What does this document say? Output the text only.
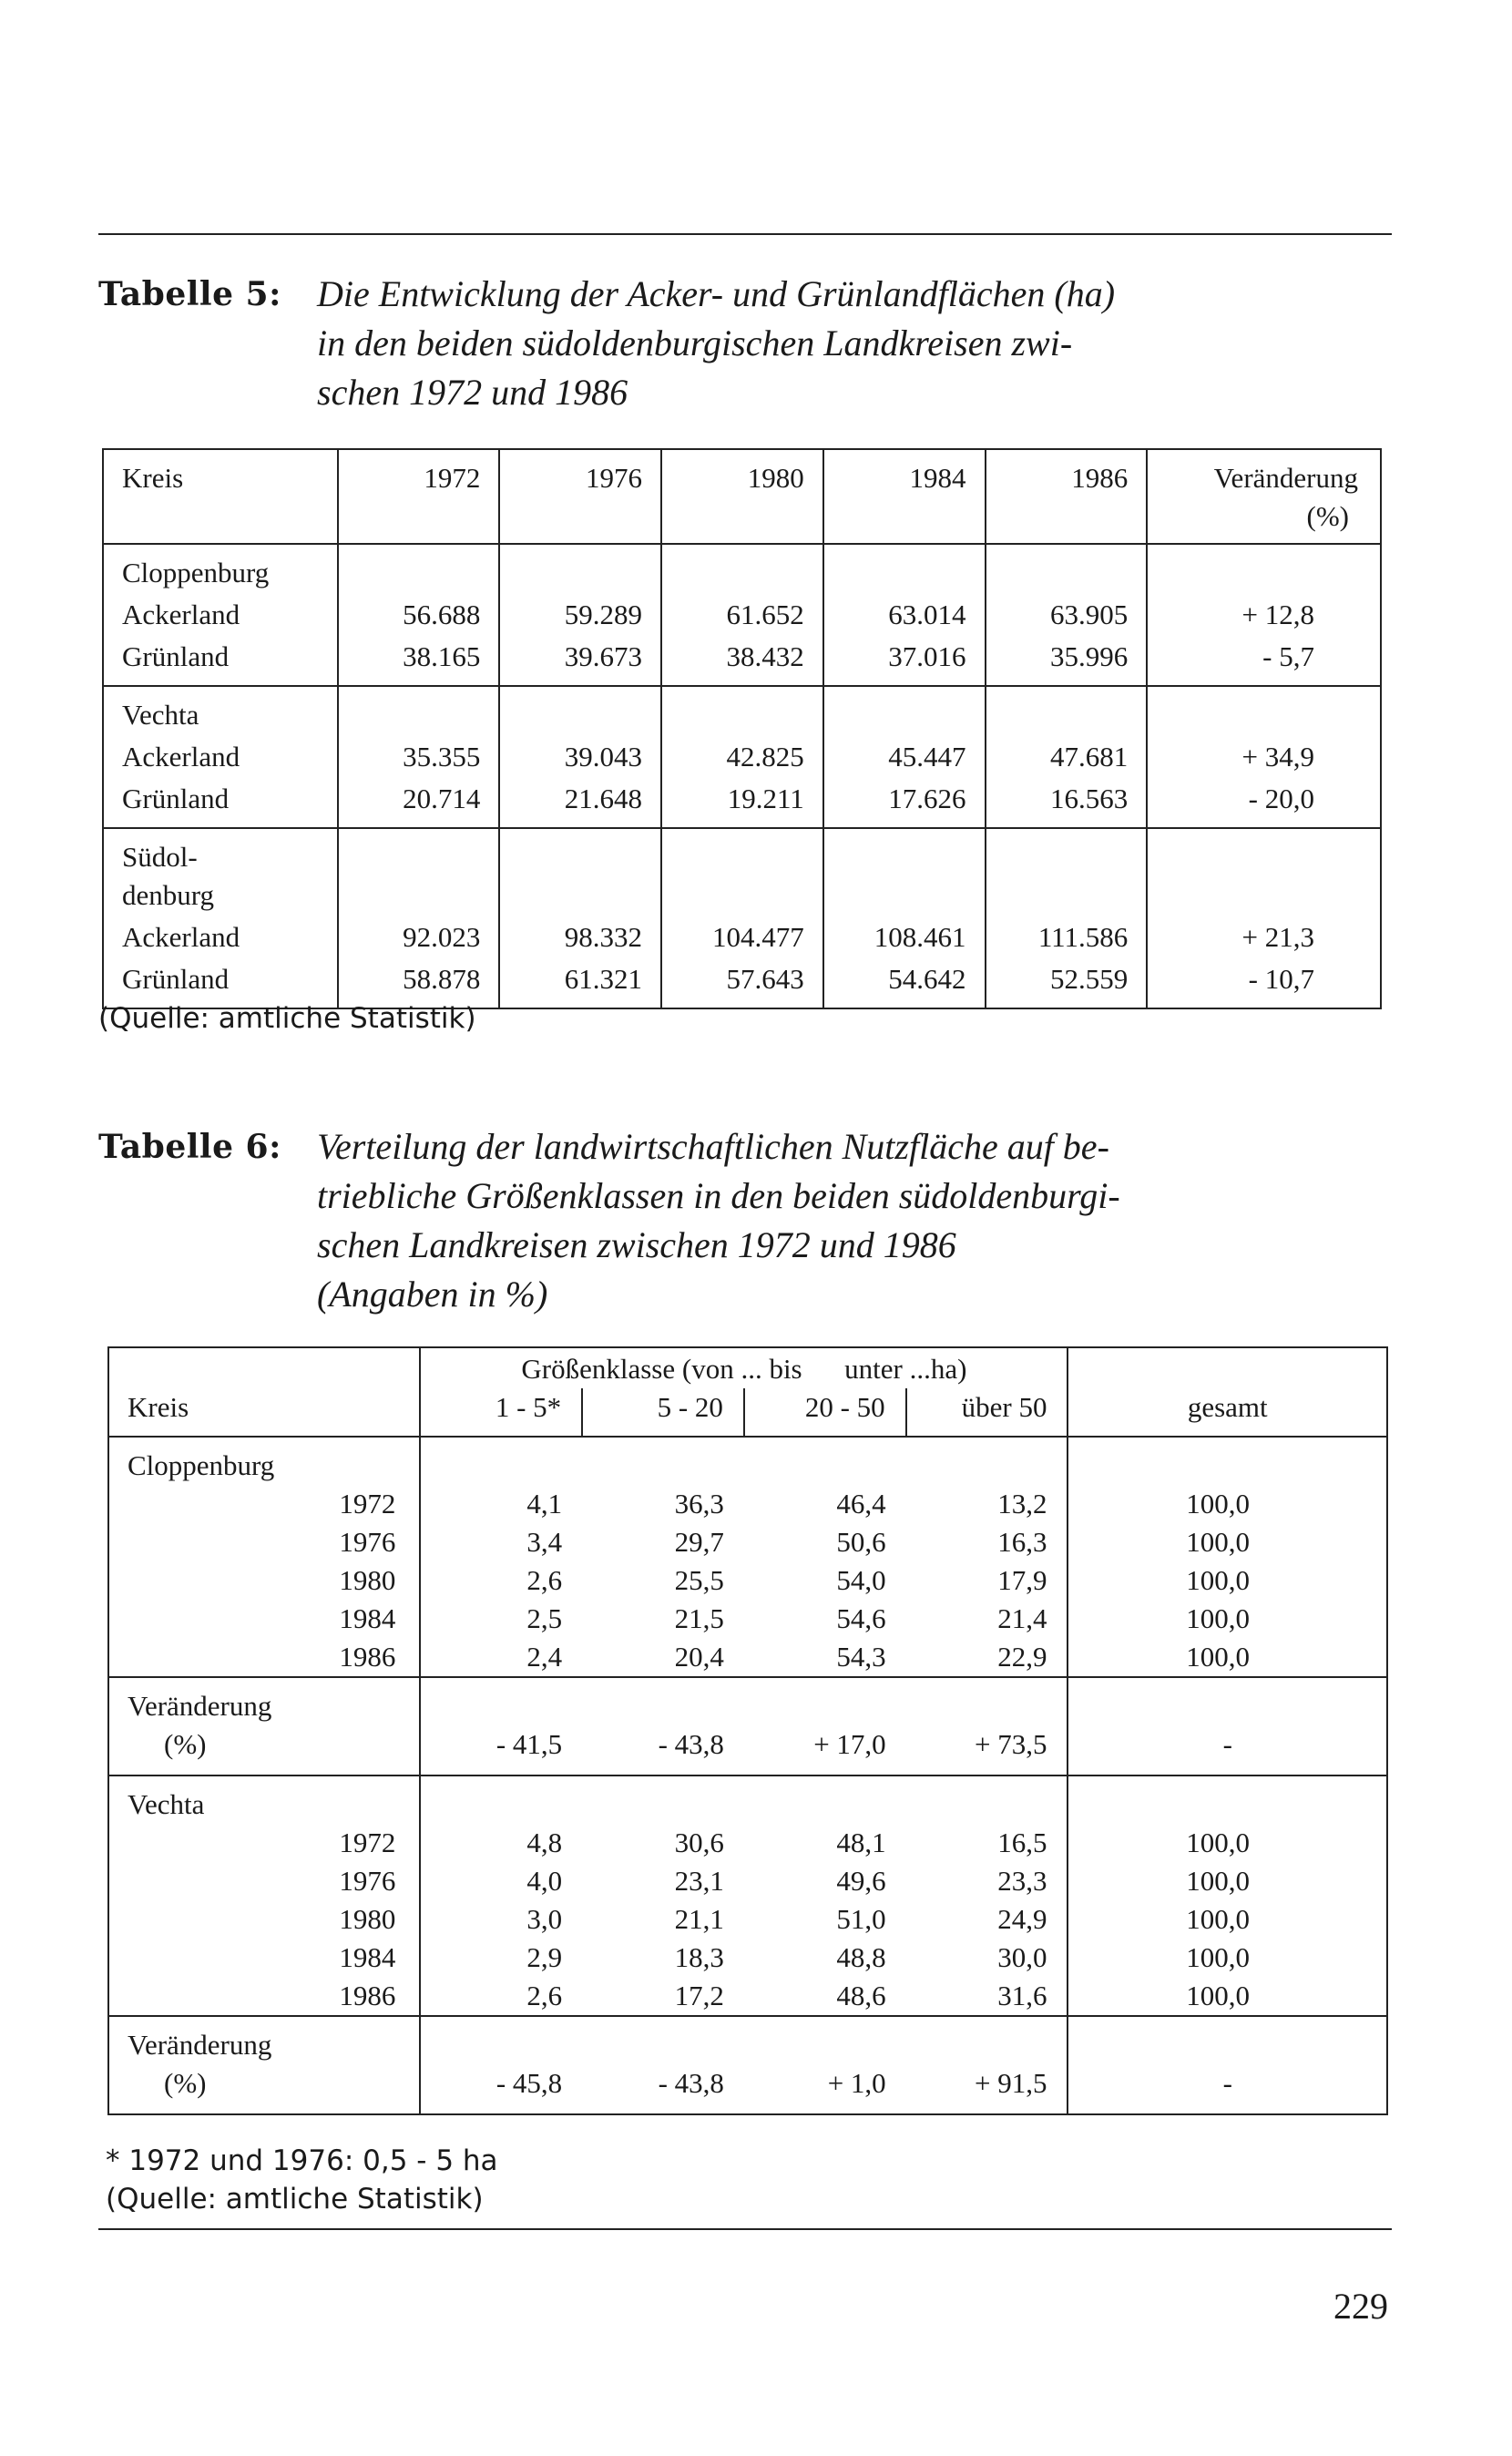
Tabelle 5: Die Entwicklung der Acker- und Grünlandflächen (ha)
in den beiden südoldenburgischen Landkreisen zwi-
schen 1972 und 1986
Kreis	1972	1976	1980	1984	1986	Veränderung
(%)

Cloppenburg						
Ackerland	56.688	59.289	61.652	63.014	63.905	+ 12,8
Grünland	38.165	39.673	38.432	37.016	35.996	- 5,7
Vechta						
Ackerland	35.355	39.043	42.825	45.447	47.681	+ 34,9
Grünland	20.714	21.648	19.211	17.626	16.563	- 20,0

Südol-
denburg						

Ackerland	92.023	98.332	104.477	108.461	111.586	+ 21,3
Grünland	58.878	61.321	57.643	54.642	52.559	- 10,7
(Quelle: amtliche Statistik)
Tabelle 6: Verteilung der landwirtschaftlichen Nutzfläche auf be-
triebliche Größenklassen in den beiden südoldenburgi-
schen Landkreisen zwischen 1972 und 1986
(Angaben in %)
		Größenklasse (von ... bis      unter ...ha)				
Kreis		1 - 5*	5 - 20	20 - 50	über 50	gesamt
Cloppenburg						
	1972	4,1	36,3	46,4	13,2	100,0
	1976	3,4	29,7	50,6	16,3	100,0
	1980	2,6	25,5	54,0	17,9	100,0
	1984	2,5	21,5	54,6	21,4	100,0
	1986	2,4	20,4	54,3	22,9	100,0

Veränderung
(%)		- 41,5	- 43,8	+ 17,0	+ 73,5	-
Vechta						
	1972	4,8	30,6	48,1	16,5	100,0
	1976	4,0	23,1	49,6	23,3	100,0
	1980	3,0	21,1	51,0	24,9	100,0
	1984	2,9	18,3	48,8	30,0	100,0
	1986	2,6	17,2	48,6	31,6	100,0

Veränderung
(%)		- 45,8	- 43,8	+ 1,0	+ 91,5	-
* 1972 und 1976: 0,5 - 5 ha
(Quelle: amtliche Statistik)
229
